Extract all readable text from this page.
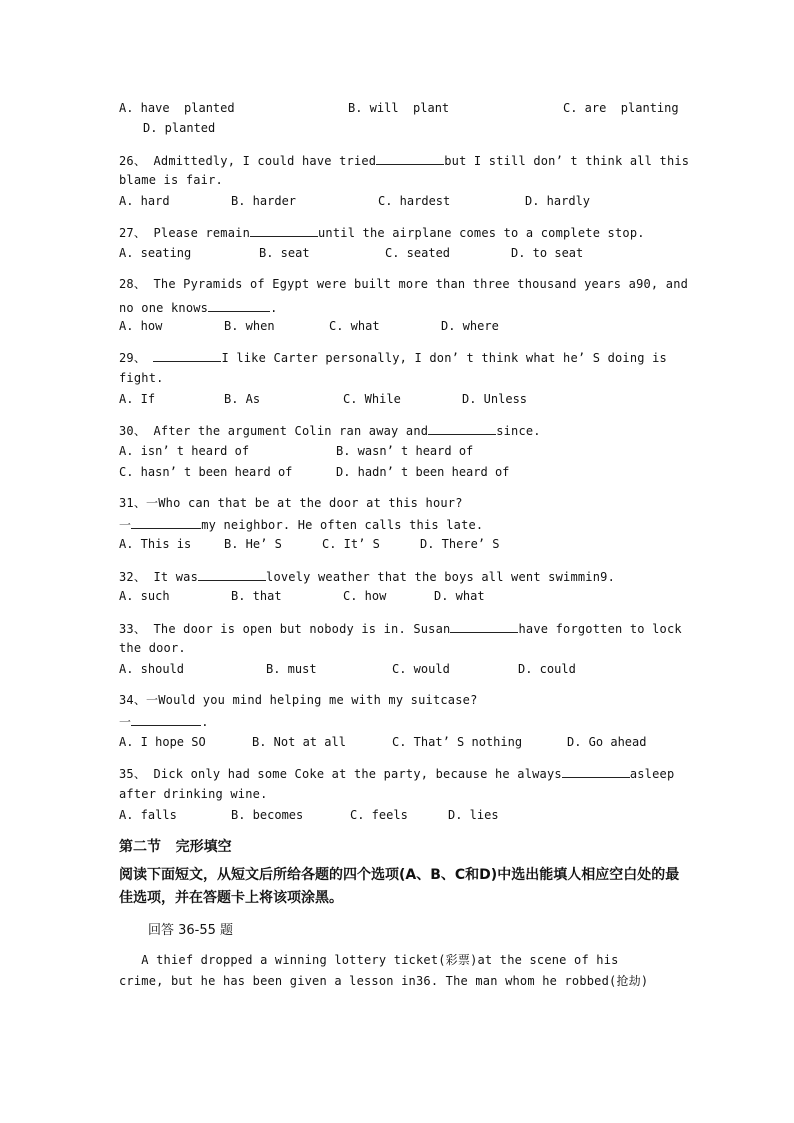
A. have  planted	B. will  plant	C. are  planting
D. planted
26、 Admittedly, I could have tried	but I still don’ t think all this
blame is fair.
A. hard	B. harder	C. hardest	D. hardly
27、 Please remain	until the airplane comes to a complete stop.
A. seating	B. seat	C. seated	D. to seat
28、 The Pyramids of Egypt were built more than three thousand years a90, and
no one knows	.
A. how	B. when	C. what	D. where
29、	I like Carter personally, I don’ t think what he’ S doing is
fight.
A. If	B. As	C. While	D. Unless
30、 After the argument Colin ran away and	since.
A. isn’ t heard of	B. wasn’ t heard of
C. hasn’ t been heard of	D. hadn’ t been heard of
31、一Who can that be at the door at this hour?
一	my neighbor. He often calls this late.
A. This is	B. He’ S	C. It’ S	D. There’ S
32、 It was	lovely weather that the boys all went swimmin9.
A. such	B. that	C. how	D. what
33、 The door is open but nobody is in. Susan	have forgotten to lock
the door.
A. should	B. must	C. would	D. could
34、一Would you mind helping me with my suitcase?
一	.
A. I hope SO	B. Not at all	C. That’ S nothing	D. Go ahead
35、 Dick only had some Coke at the party, because he always	asleep
after drinking wine.
A. falls	B. becomes	C. feels	D. lies
第二节   完形填空
阅读下面短文，从短文后所给各题的四个选项(A、B、C和D)中选出能填人相应空白处的最佳选项，并在答题卡上将该项涂黑。
回答 36-55 题
A thief dropped a winning lottery ticket(彩票)at the scene of his
crime, but he has been given a lesson in36. The man whom he robbed(抢劫)
